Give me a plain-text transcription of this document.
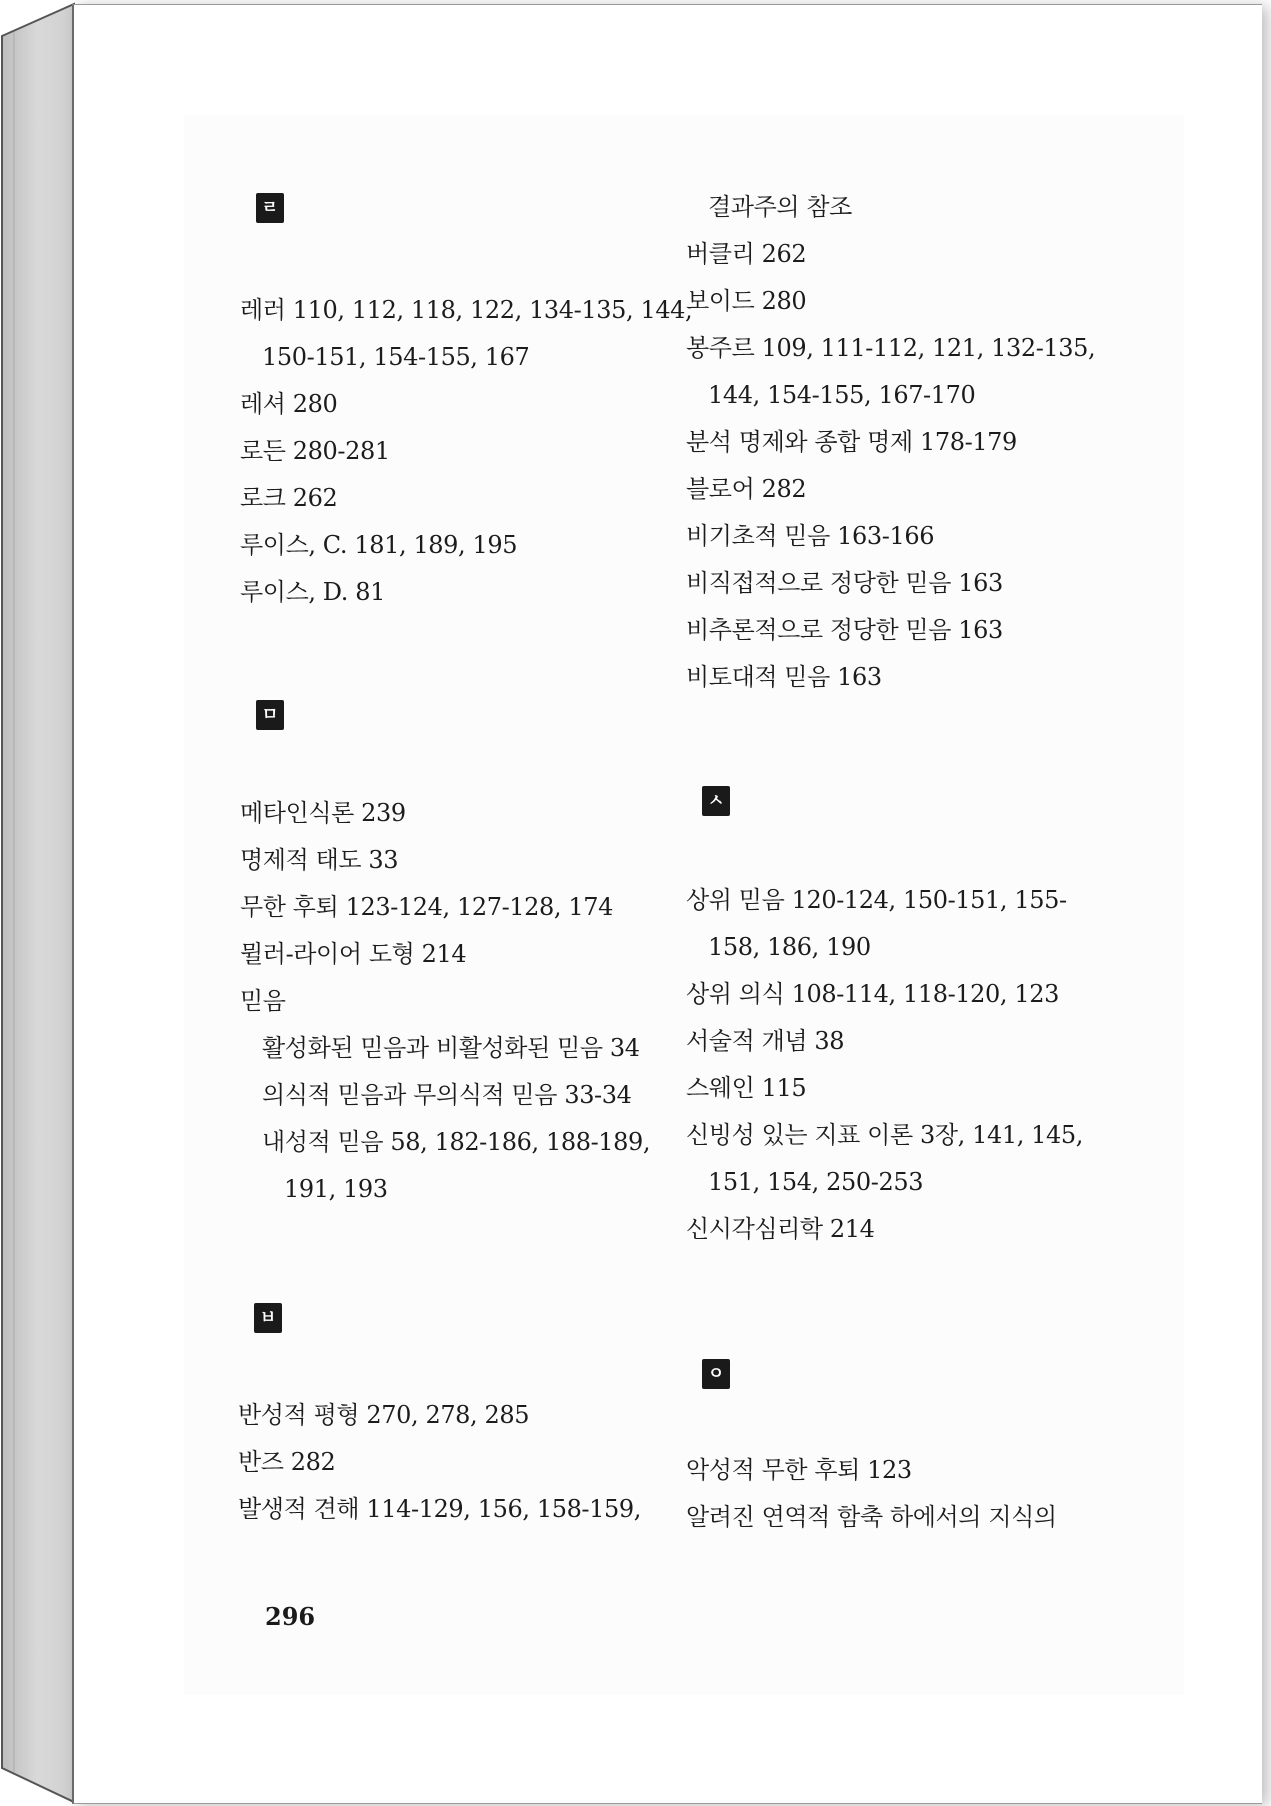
ㄹ
레러 110, 112, 118, 122, 134-135, 144,
150-151, 154-155, 167
레셔 280
로든 280-281
로크 262
루이스, C. 181, 189, 195
루이스, D. 81
ㅁ
메타인식론 239
명제적 태도 33
무한 후퇴 123-124, 127-128, 174
뮐러-라이어 도형 214
믿음
활성화된 믿음과 비활성화된 믿음 34
의식적 믿음과 무의식적 믿음 33-34
내성적 믿음 58, 182-186, 188-189,
191, 193
ㅂ
반성적 평형 270, 278, 285
반즈 282
발생적 견해 114-129, 156, 158-159,
결과주의 참조
버클리 262
보이드 280
봉주르 109, 111-112, 121, 132-135,
144, 154-155, 167-170
분석 명제와 종합 명제 178-179
블로어 282
비기초적 믿음 163-166
비직접적으로 정당한 믿음 163
비추론적으로 정당한 믿음 163
비토대적 믿음 163
ㅅ
상위 믿음 120-124, 150-151, 155-
158, 186, 190
상위 의식 108-114, 118-120, 123
서술적 개념 38
스웨인 115
신빙성 있는 지표 이론 3장, 141, 145,
151, 154, 250-253
신시각심리학 214
ㅇ
악성적 무한 후퇴 123
알려진 연역적 함축 하에서의 지식의
296
